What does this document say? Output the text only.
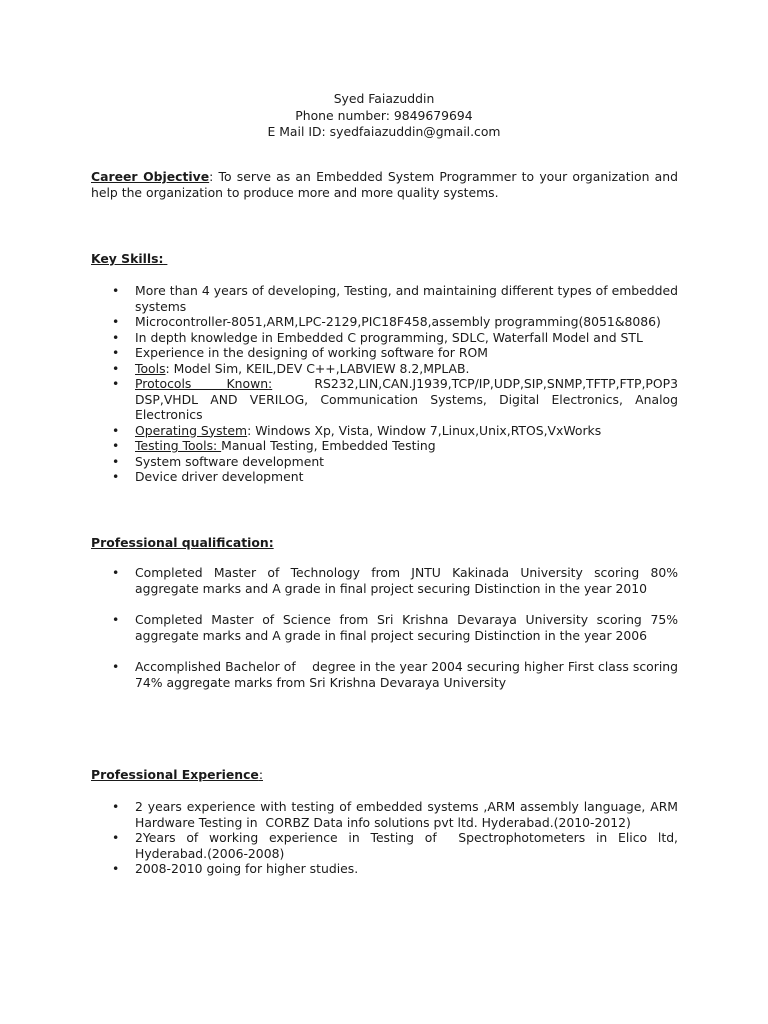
Syed Faiazuddin
Phone number: 9849679694
E Mail ID: syedfaiazuddin@gmail.com
Career Objective: To serve as an Embedded System Programmer to your organization and help the organization to produce more and more quality systems.
Key Skills:
• More than 4 years of developing, Testing, and maintaining different types of embedded systems
• Microcontroller-8051,ARM,LPC-2129,PIC18F458,assembly programming(8051&8086)
• In depth knowledge in Embedded C programming, SDLC, Waterfall Model and STL
• Experience in the designing of working software for ROM
• Tools: Model Sim, KEIL,DEV C++,LABVIEW 8.2,MPLAB.
• Protocols     Known:      RS232,LIN,CAN.J1939,TCP/IP,UDP,SIP,SNMP,TFTP,FTP,POP3 DSP,VHDL AND VERILOG, Communication Systems, Digital Electronics, Analog Electronics
• Operating System: Windows Xp, Vista, Window 7,Linux,Unix,RTOS,VxWorks
• Testing Tools: Manual Testing, Embedded Testing
• System software development
• Device driver development
Professional qualification:
• Completed Master of Technology from JNTU Kakinada University scoring 80% aggregate marks and A grade in final project securing Distinction in the year 2010
• Completed Master of Science from Sri Krishna Devaraya University scoring 75% aggregate marks and A grade in final project securing Distinction in the year 2006
• Accomplished Bachelor of    degree in the year 2004 securing higher First class scoring 74% aggregate marks from Sri Krishna Devaraya University
Professional Experience:
• 2 years experience with testing of embedded systems ,ARM assembly language, ARM Hardware Testing in  CORBZ Data info solutions pvt ltd. Hyderabad.(2010-2012)
• 2Years of working experience in Testing of  Spectrophotometers in Elico ltd, Hyderabad.(2006-2008)
• 2008-2010 going for higher studies.
